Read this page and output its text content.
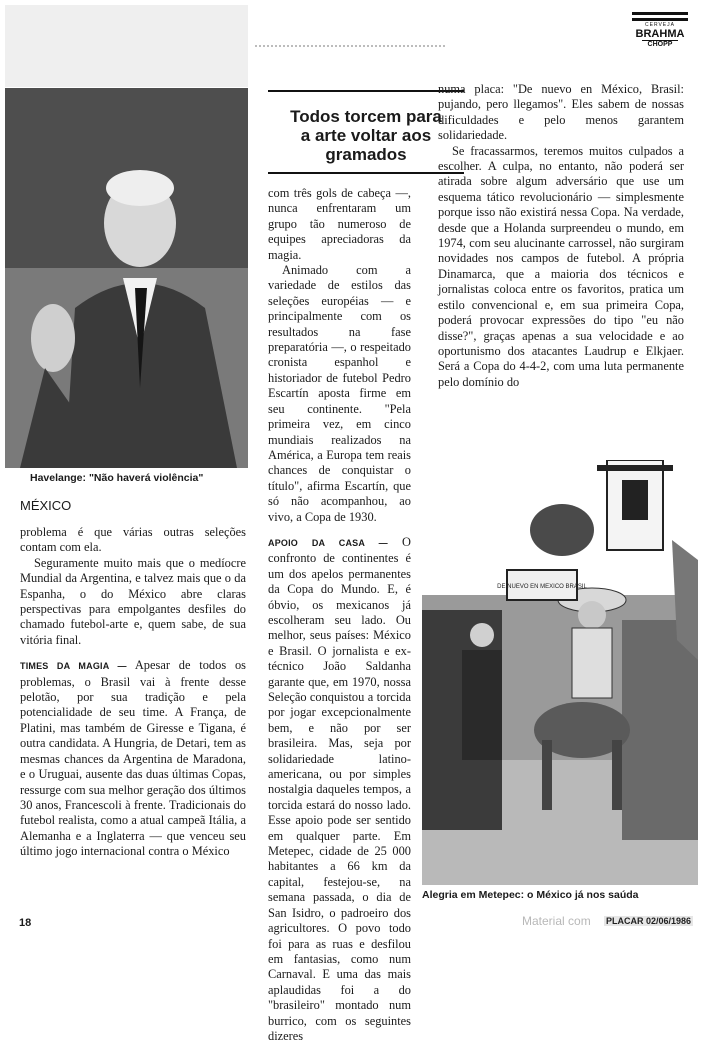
CERVEJA
BRAHMA
CHOPP
Havelange: "Não haverá violência"
MÉXICO
Todos torcem para a arte voltar aos gramados

problema é que várias outras seleções contam com ela.

Seguramente muito mais que o medíocre Mundial da Argentina, e talvez mais que o da Espanha, o do México abre claras perspectivas para empolgantes desfiles do chamado futebol-arte e, quem sabe, de sua vitória final.

TIMES DA MAGIA — Apesar de todos os problemas, o Brasil vai à frente desse pelotão, por sua tradição e pela potencialidade de seu time. A França, de Platini, mas também de Giresse e Tigana, é outra candidata. A Hungria, de Detari, tem as mesmas chances da Argentina de Maradona, e o Uruguai, ausente das duas últimas Copas, ressurge com sua melhor geração dos últimos 30 anos, Francescoli à frente. Tradicionais do futebol realista, como a atual campeã Itália, a Alemanha e a Inglaterra — que venceu seu último jogo internacional contra o México

com três gols de cabeça —, nunca enfrentaram um grupo tão numeroso de equipes apreciadoras da magia.

Animado com a variedade de estilos das seleções européias — e principalmente com os resultados na fase preparatória —, o respeitado cronista espanhol e historiador de futebol Pedro Escartín aposta firme em seu continente. "Pela primeira vez, em cinco mundiais realizados na América, a Europa tem reais chances de conquistar o título", afirma Escartín, que só não acompanhou, ao vivo, a Copa de 1930.

APOIO DA CASA — O confronto de continentes é um dos apelos permanentes da Copa do Mundo. E, é óbvio, os mexicanos já escolheram seu lado. Ou melhor, seus países: México e Brasil. O jornalista e ex-técnico João Saldanha garante que, em 1970, nossa Seleção conquistou a torcida por jogar excepcionalmente bem, e não por ser brasileira. Mas, seja por solidariedade latino-americana, ou por simples nostalgia daqueles tempos, a torcida estará do nosso lado. Esse apoio pode ser sentido em qualquer parte. Em Metepec, cidade de 25 000 habitantes a 66 km da capital, festejou-se, na semana passada, o dia de San Isidro, o padroeiro dos agricultores. O povo todo foi para as ruas e desfilou em fantasias, como num Carnaval. E uma das mais aplaudidas foi a do "brasileiro" montado num burrico, com os seguintes dizeres

numa placa: "De nuevo en México, Brasil: pujando, pero llegamos". Eles sabem de nossas dificuldades e pelo menos garantem solidariedade.

Se fracassarmos, teremos muitos culpados a escolher. A culpa, no entanto, não poderá ser atirada sobre algum adversário que use um esquema tático revolucionário — simplesmente porque isso não existirá nessa Copa. Na verdade, desde que a Holanda surpreendeu o mundo, em 1974, com seu alucinante carrossel, não surgiram novidades nos campos de futebol. A própria Dinamarca, que a maioria dos técnicos e jornalistas coloca entre os favoritos, pratica um estilo convencional e, em sua primeira Copa, poderá provocar expressões do tipo "eu não disse?", graças apenas a sua velocidade e ao oportunismo dos atacantes Laudrup e Elkjaer. Será a Copa do 4-4-2, com uma luta permanente pelo domínio do

DE NUEVO EN MEXICO BRASIL
Alegria em Metepec: o México já nos saúda
18	Material com PLACAR 02/06/1986
